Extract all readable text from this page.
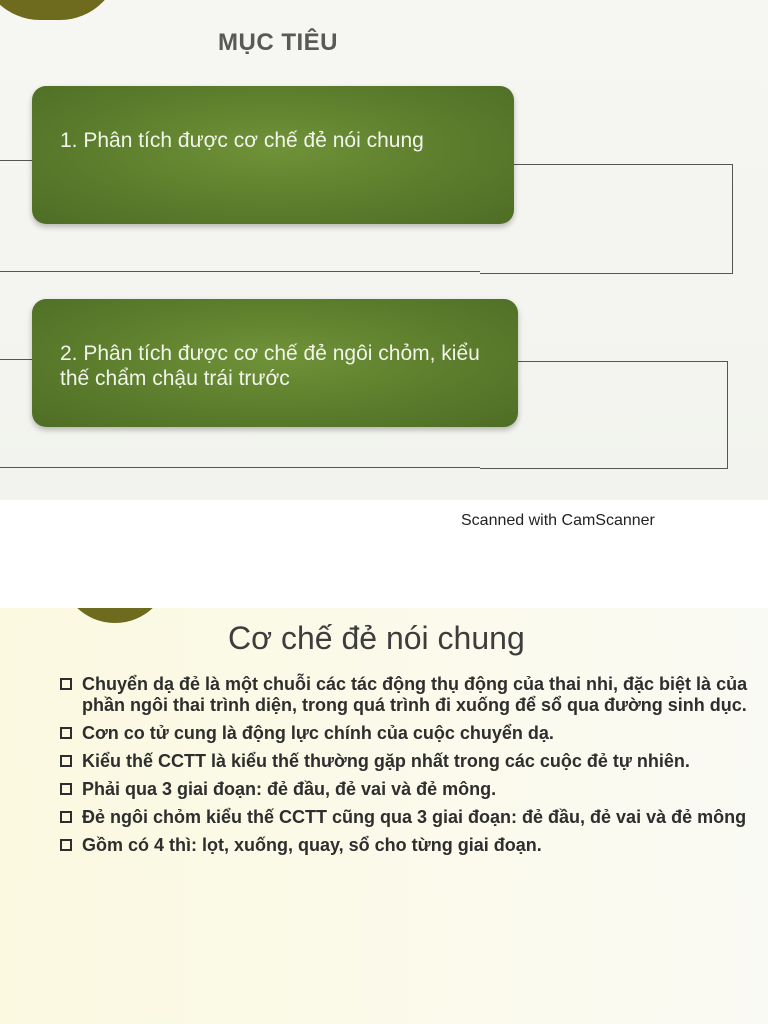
MỤC TIÊU
1. Phân tích được cơ chế đẻ nói chung
2. Phân tích được cơ chế đẻ ngôi chỏm, kiểu thế chẩm chậu trái trước
Scanned with CamScanner
Cơ chế đẻ nói chung
Chuyển dạ đẻ là một chuỗi các tác động thụ động của thai nhi, đặc biệt là của phần ngôi thai trình diện, trong quá trình đi xuống để sổ qua đường sinh dục.
Cơn co tử cung là động lực chính của cuộc chuyển dạ.
Kiểu thế CCTT là kiểu thế thường gặp nhất trong các cuộc đẻ tự nhiên.
Phải qua 3 giai đoạn: đẻ đầu, đẻ vai và đẻ mông.
Đẻ ngôi chỏm kiểu thế CCTT cũng qua 3 giai đoạn: đẻ đầu, đẻ vai và đẻ mông
Gồm có 4 thì: lọt, xuống, quay, sổ cho từng giai đoạn.
